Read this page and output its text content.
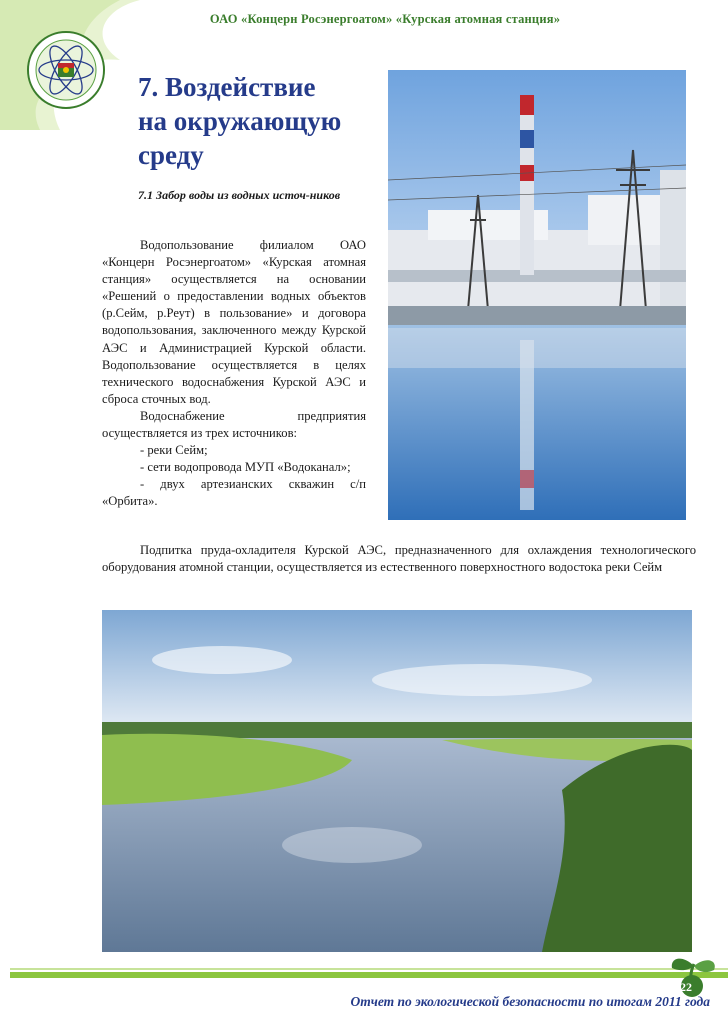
ОАО «Концерн Росэнергоатом» «Курская атомная станция»
7. Воздействие
на окружающую
среду

7.1 Забор воды из водных источ-ников

Водопользование филиалом ОАО «Концерн Росэнергоатом» «Курская атомная станция» осуществляется на основании «Решений о предоставлении водных объектов (р.Сейм, р.Реут) в пользование» и договора водопользования, заключенного между Курской АЭС и Администрацией Курской области. Водопользование осуществляется в целях технического водоснабжения Курской АЭС и сброса сточных вод.

Водоснабжение предприятия осуществляется из трех источников:

- реки Сейм;

- сети водопровода МУП «Водоканал»;

- двух артезианских скважин с/п «Орбита».

Подпитка пруда-охладителя Курской АЭС, предназначенного для охлаждения технологического оборудования атомной станции, осуществляется из естественного поверхностного водостока реки Сейм

22
Отчет по экологической безопасности по итогам 2011 года
